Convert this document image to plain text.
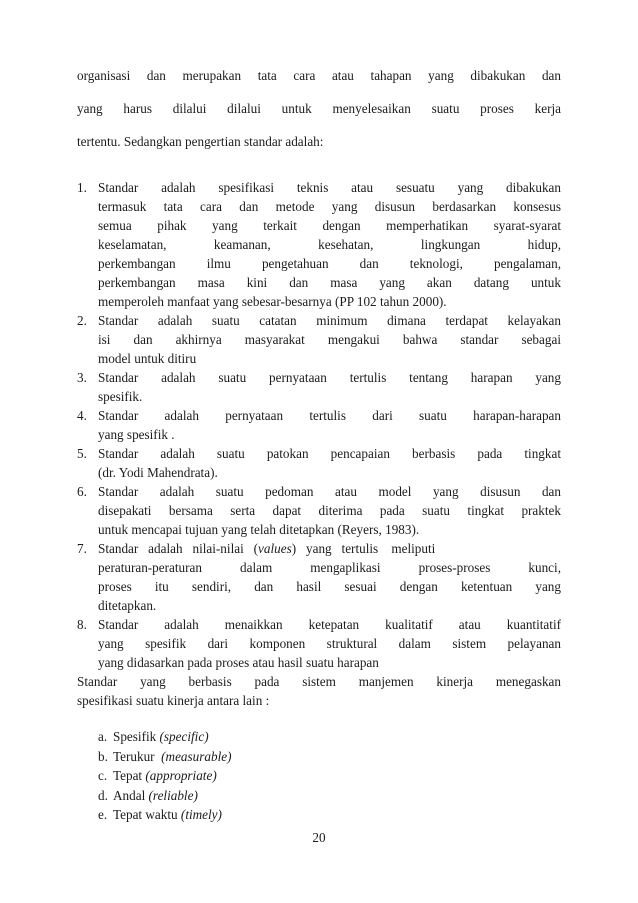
organisasi dan merupakan tata cara atau tahapan yang dibakukan dan
yang harus dilalui dilalui untuk menyelesaikan suatu proses kerja
tertentu. Sedangkan pengertian standar adalah:
1. Standar adalah spesifikasi teknis atau sesuatu yang dibakukan
termasuk tata cara dan metode yang disusun berdasarkan konsesus
semua pihak yang terkait dengan memperhatikan syarat-syarat
keselamatan, keamanan, kesehatan, lingkungan hidup,
perkembangan ilmu pengetahuan dan teknologi, pengalaman,
perkembangan masa kini dan masa yang akan datang untuk
memperoleh manfaat yang sebesar-besarnya (PP 102 tahun 2000).
2. Standar adalah suatu catatan minimum dimana terdapat kelayakan
isi dan akhirnya masyarakat mengakui bahwa standar sebagai
model untuk ditiru
3. Standar adalah suatu pernyataan tertulis tentang harapan yang
spesifik.
4. Standar adalah pernyataan tertulis dari suatu harapan-harapan
yang spesifik .
5. Standar adalah suatu patokan pencapaian berbasis pada tingkat
(dr. Yodi Mahendrata).
6. Standar adalah suatu pedoman atau model yang disusun dan
disepakati bersama serta dapat diterima pada suatu tingkat praktek
untuk mencapai tujuan yang telah ditetapkan (Reyers, 1983).
7. Standar   adalah   nilai-nilai   (values)   yang   tertulis    meliputi
peraturan-peraturan dalam mengaplikasi proses-proses kunci,
proses itu sendiri, dan hasil sesuai dengan ketentuan yang
ditetapkan.
8. Standar adalah menaikkan ketepatan kualitatif atau kuantitatif
yang spesifik dari komponen struktural dalam sistem pelayanan
yang didasarkan pada proses atau hasil suatu harapan
Standar yang berbasis pada sistem manjemen kinerja menegaskan
spesifikasi suatu kinerja antara lain :
a. Spesifik (specific)
b. Terukur  (measurable)
c. Tepat (appropriate)
d. Andal (reliable)
e. Tepat waktu (timely)
20
